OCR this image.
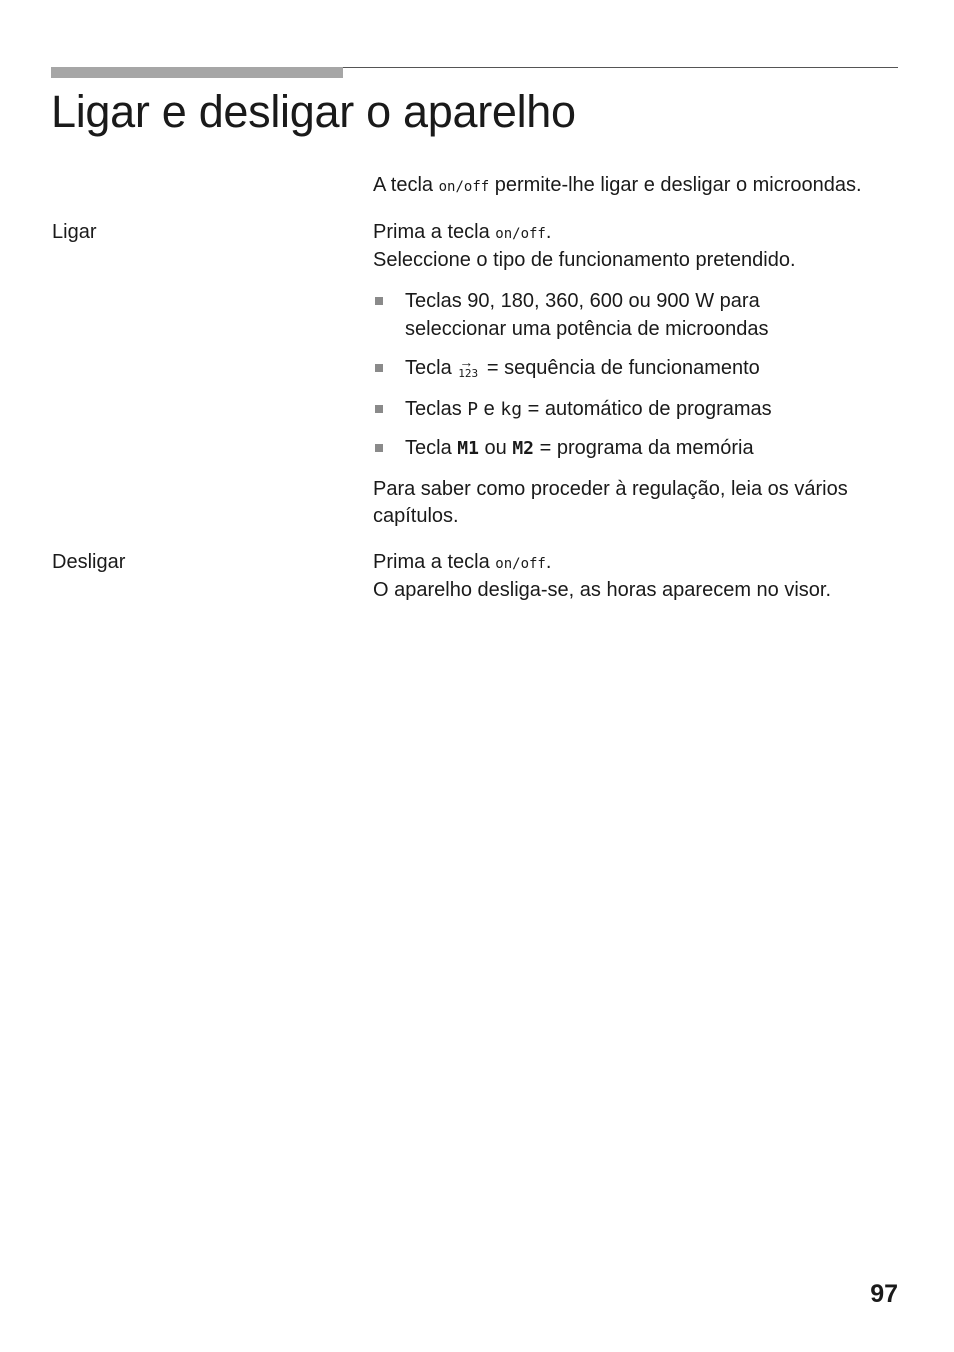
Ligar e desligar o aparelho

A tecla on/off permite-lhe ligar e desligar o microondas.

Ligar	Prima a tecla on/off.

Seleccione o tipo de funcionamento pretendido.

Teclas 90, 180, 360, 600 ou 900 W para
seleccionar uma potência de microondas
Tecla →
123 = sequência de funcionamento
Teclas P e kg = automático de programas
Tecla M1 ou M2 = programa da memória

Para saber como proceder à regulação, leia os vários

capítulos.

Desligar	Prima a tecla on/off.

O aparelho desliga-se, as horas aparecem no visor.

97
